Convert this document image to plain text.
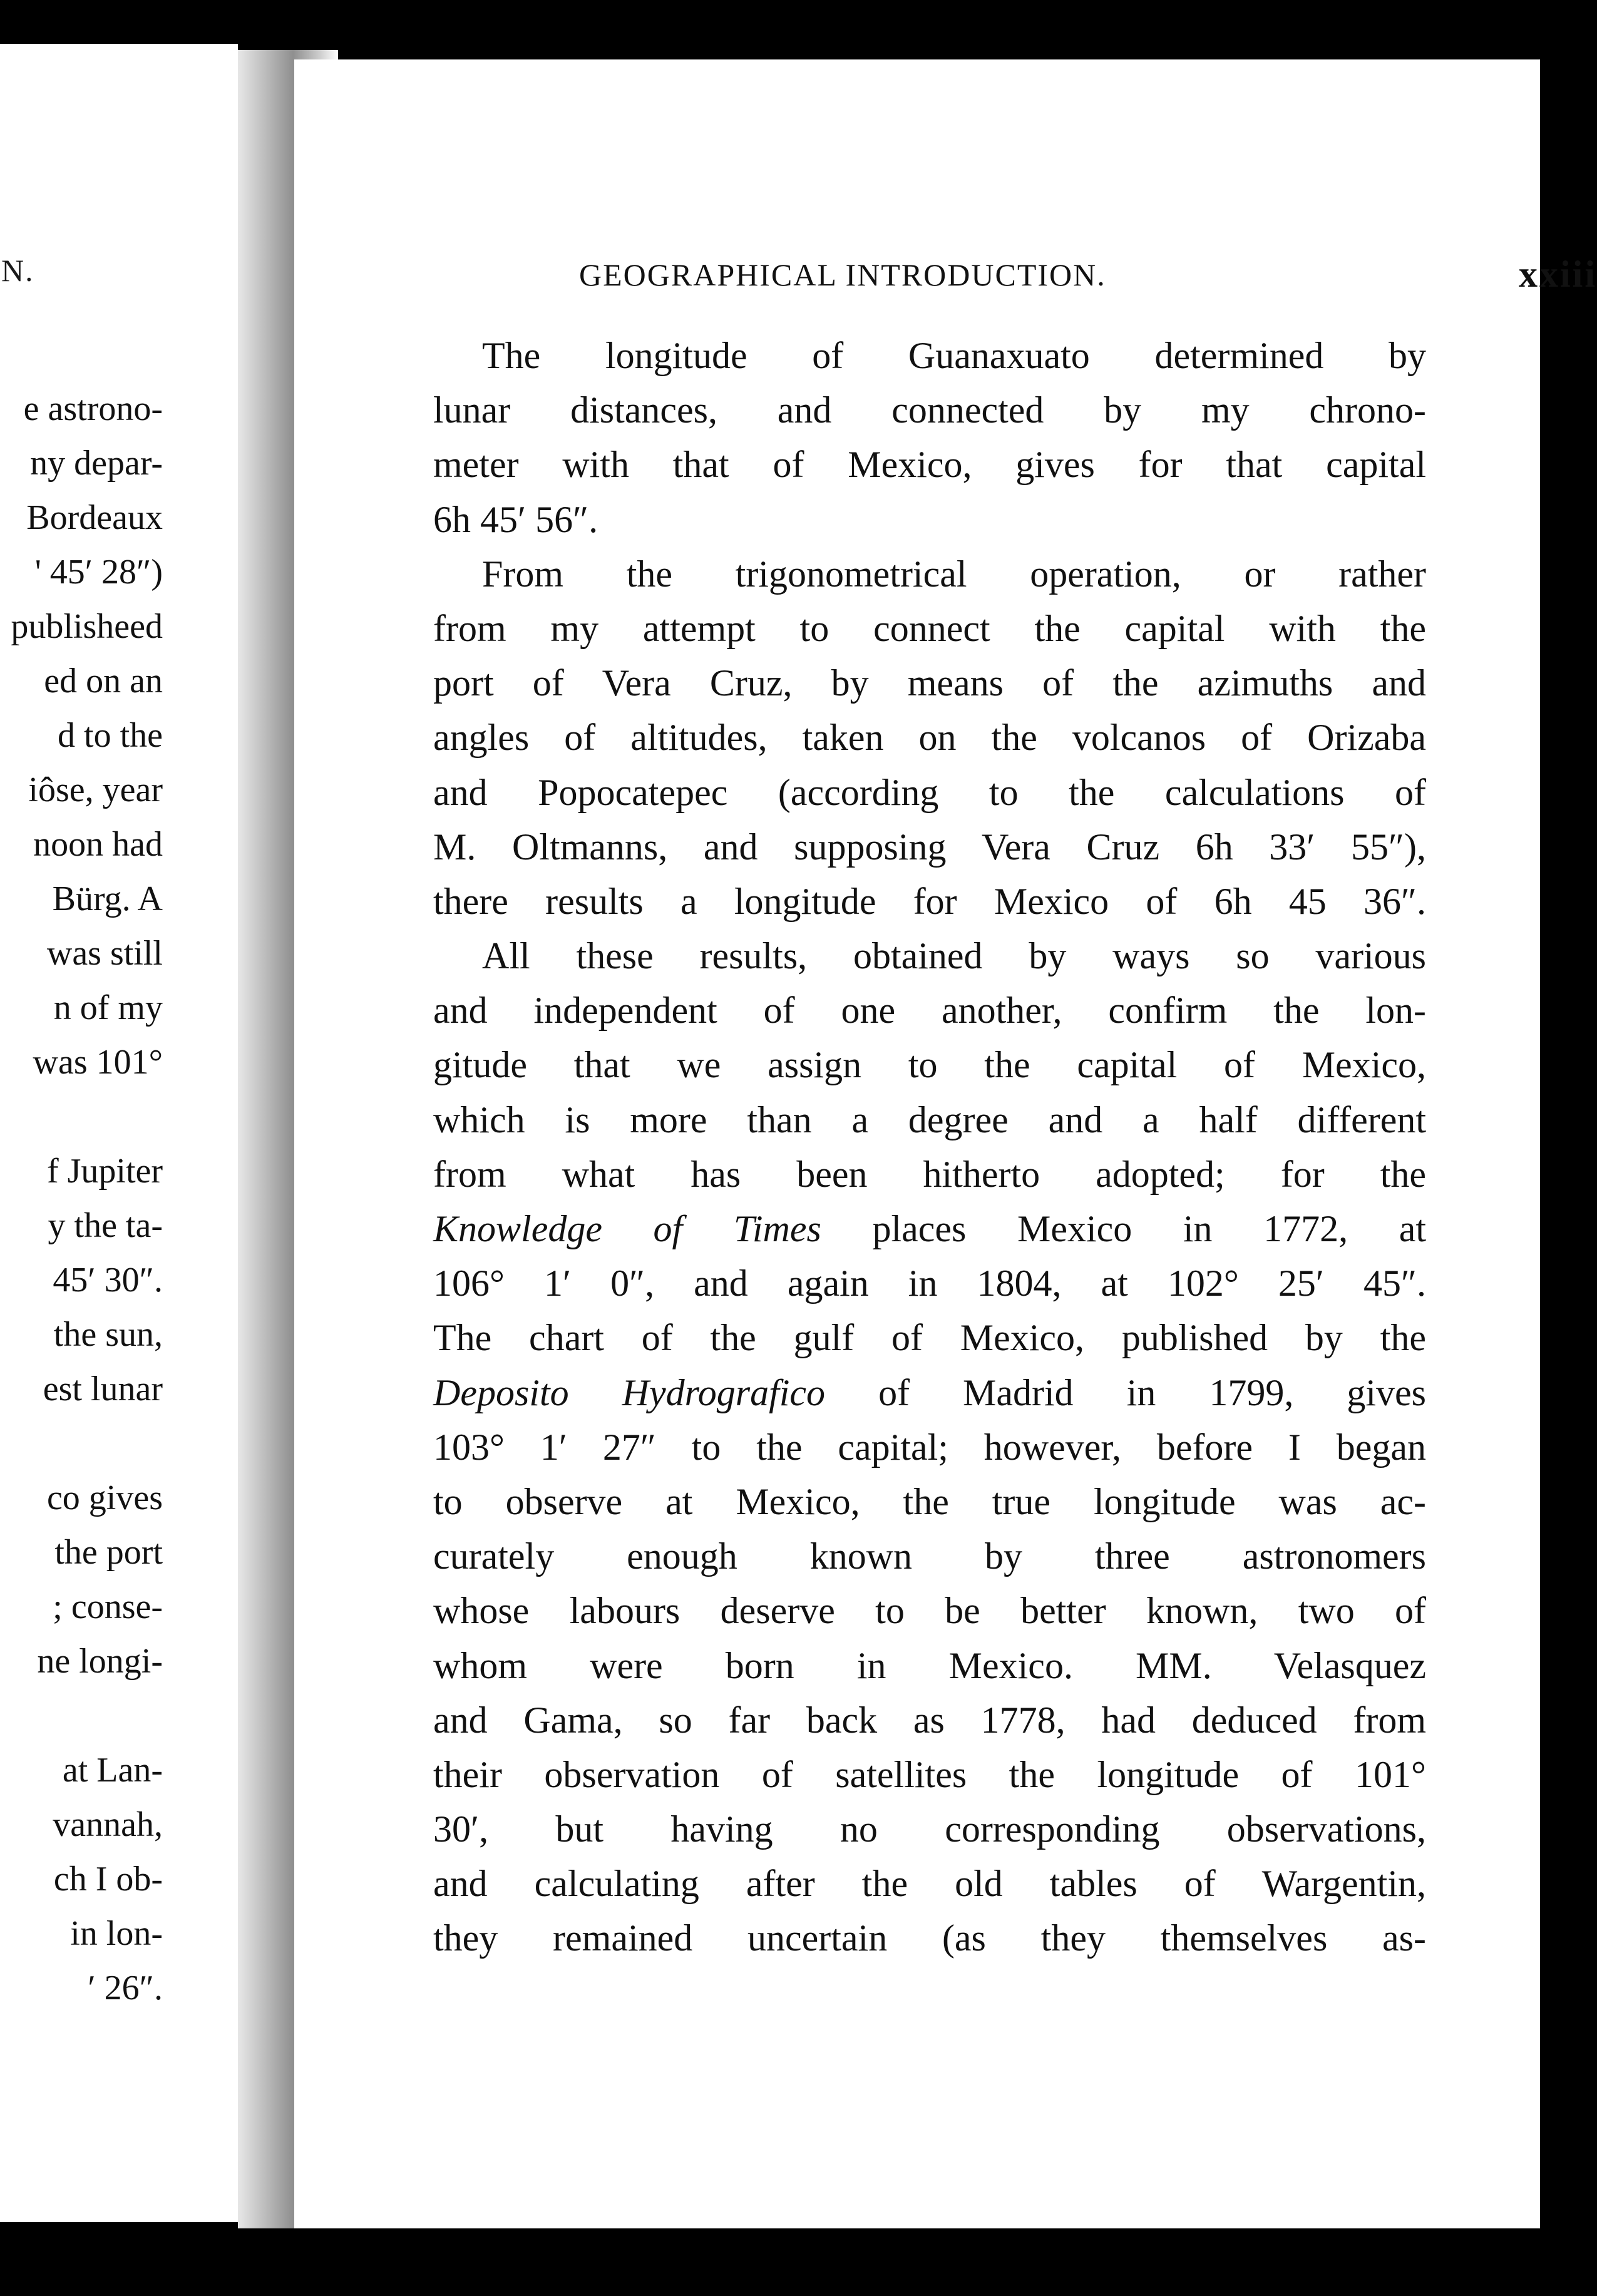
N.
e astrono-
ny depar-
Bordeaux
' 45′ 28″)
publisheed
ed on an
d to the
iôse, year
noon had
Bürg. A
was still
n of my
was 101°
f Jupiter
y the ta-
45′ 30″.
the sun,
est lunar
co gives
the port
; conse-
ne longi-
at Lan-
vannah,
ch I ob-
in lon-
′ 26″.
GEOGRAPHICAL INTRODUCTION.	xxiii

The longitude of Guanaxuato determined by
lunar distances, and connected by my chrono-
meter with that of Mexico, gives for that capital
6h 45′ 56″.

From the trigonometrical operation, or rather
from my attempt to connect the capital with the
port of Vera Cruz, by means of the azimuths and
angles of altitudes, taken on the volcanos of Orizaba
and Popocatepec (according to the calculations of
M. Oltmanns, and supposing Vera Cruz 6h 33′ 55″),
there results a longitude for Mexico of 6h 45 36″.

All these results, obtained by ways so various
and independent of one another, confirm the lon-
gitude that we assign to the capital of Mexico,
which is more than a degree and a half different
from what has been hitherto adopted; for the
Knowledge of Times places Mexico in 1772, at
106° 1′ 0″, and again in 1804, at 102° 25′ 45″.
The chart of the gulf of Mexico, published by the
Deposito Hydrografico of Madrid in 1799, gives
103° 1′ 27″ to the capital; however, before I began
to observe at Mexico, the true longitude was ac-
curately enough known by three astronomers
whose labours deserve to be better known, two of
whom were born in Mexico. MM. Velasquez
and Gama, so far back as 1778, had deduced from
their observation of satellites the longitude of 101°
30′, but having no corresponding observations,
and calculating after the old tables of Wargentin,
they remained uncertain (as they themselves as-
